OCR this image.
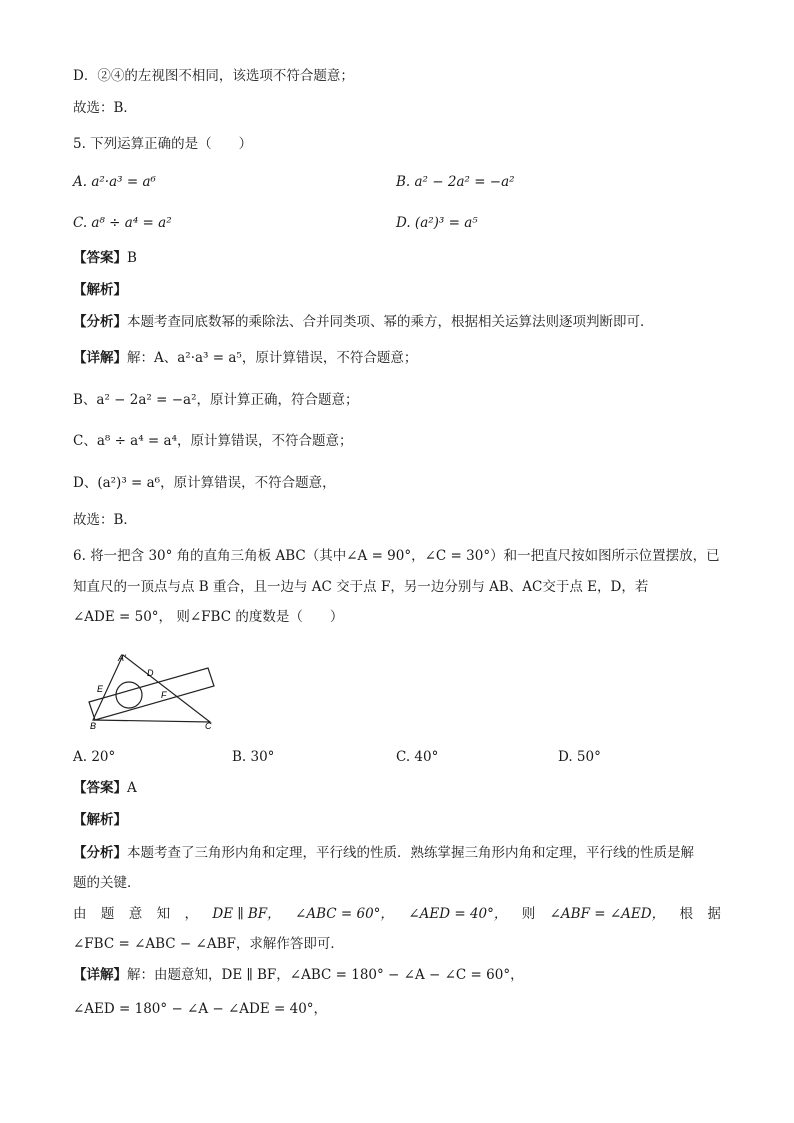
D．②④的左视图不相同，该选项不符合题意；
故选：B．
5. 下列运算正确的是（　　）
A. a²·a³ = a⁶	B. a² − 2a² = −a²
C. a⁸ ÷ a⁴ = a²	D. (a²)³ = a⁵
【答案】B
【解析】
【分析】本题考查同底数幂的乘除法、合并同类项、幂的乘方，根据相关运算法则逐项判断即可．
【详解】解：A、a²·a³ = a⁵，原计算错误，不符合题意；
B、a² − 2a² = −a²，原计算正确，符合题意；
C、a⁸ ÷ a⁴ = a⁴，原计算错误，不符合题意；
D、(a²)³ = a⁶，原计算错误，不符合题意，
故选：B．
6. 将一把含 30° 角的直角三角板 ABC（其中∠A = 90°，∠C = 30°）和一把直尺按如图所示位置摆放，已
知直尺的一顶点与点 B 重合，且一边与 AC 交于点 F，另一边分别与 AB、AC交于点 E，D，若
∠ADE = 50°， 则∠FBC 的度数是（　　）
A′
D
E
F
B	C
A. 20°	B. 30°	C. 40°	D. 50°
【答案】A
【解析】
【分析】本题考查了三角形内角和定理，平行线的性质．熟练掌握三角形内角和定理，平行线的性质是解
题的关键．
由 题 意 知 ， DE ∥ BF， ∠ABC = 60°， ∠AED = 40°， 则 ∠ABF = ∠AED， 根 据
∠FBC = ∠ABC − ∠ABF，求解作答即可．
【详解】解：由题意知，DE ∥ BF，∠ABC = 180° − ∠A − ∠C = 60°，
∠AED = 180° − ∠A − ∠ADE = 40°，
